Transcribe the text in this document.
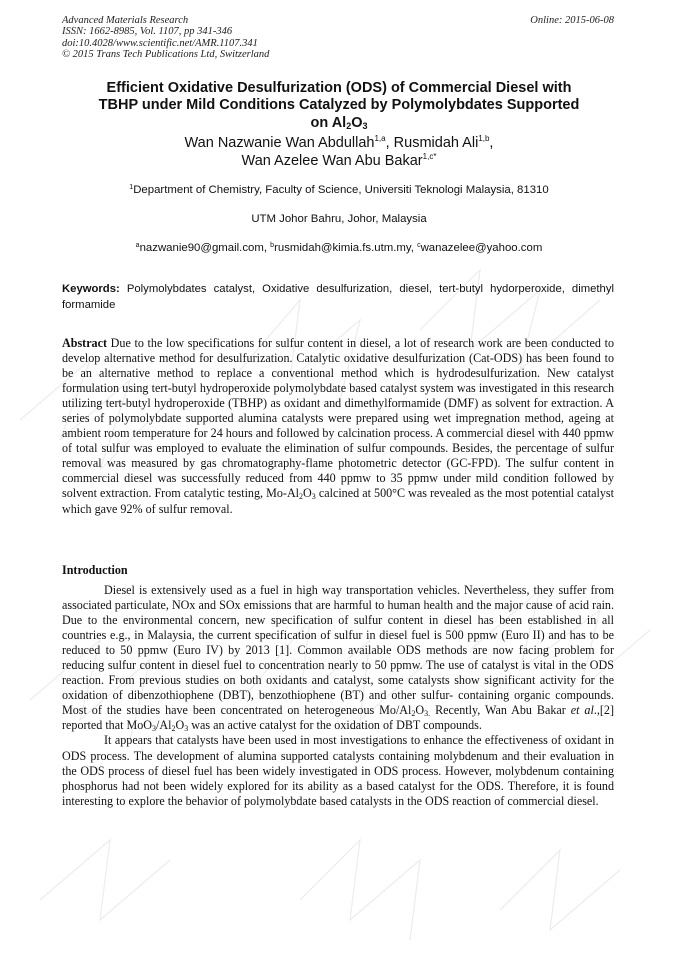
Advanced Materials Research
ISSN: 1662-8985, Vol. 1107, pp 341-346
doi:10.4028/www.scientific.net/AMR.1107.341
© 2015 Trans Tech Publications Ltd, Switzerland
Online: 2015-06-08
Efficient Oxidative Desulfurization (ODS) of Commercial Diesel with
TBHP under Mild Conditions Catalyzed by Polymolybdates Supported
on $Al_2O_3$
Wan Nazwanie Wan Abdullah$^{1,a}$, Rusmidah Ali$^{1,b}$,
Wan Azelee Wan Abu Bakar$^{1,c*}$
$^1$Department of Chemistry, Faculty of Science, Universiti Teknologi Malaysia, 81310
UTM Johor Bahru, Johor, Malaysia
$^a$nazwanie90@gmail.com, $^b$rusmidah@kimia.fs.utm.my, $^c$wanazelee@yahoo.com
Keywords: Polymolybdates catalyst, Oxidative desulfurization, diesel, tert-butyl hydorperoxide, dimethyl formamide

Abstract Due to the low specifications for sulfur content in diesel, a lot of research work are been conducted to develop alternative method for desulfurization. Catalytic oxidative desulfurization (Cat-ODS) has been found to be an alternative method to replace a conventional method which is hydrodesulfurization. New catalyst formulation using tert-butyl hydroperoxide polymolybdate based catalyst system was investigated in this research utilizing tert-butyl hydroperoxide (TBHP) as oxidant and dimethylformamide (DMF) as solvent for extraction. A series of polymolybdate supported alumina catalysts were prepared using wet impregnation method, ageing at ambient room temperature for 24 hours and followed by calcination process. A commercial diesel with 440 ppmw of total sulfur was employed to evaluate the elimination of sulfur compounds. Besides, the percentage of sulfur removal was measured by gas chromatography-flame photometric detector (GC-FPD). The sulfur content in commercial diesel was successfully reduced from 440 ppmw to 35 ppmw under mild condition followed by solvent extraction. From catalytic testing, $Mo-Al_2O_3$ calcined at 500°C was revealed as the most potential catalyst which gave 92% of sulfur removal.

Introduction

Diesel is extensively used as a fuel in high way transportation vehicles. Nevertheless, they suffer from associated particulate, NOx and SOx emissions that are harmful to human health and the major cause of acid rain. Due to the environmental concern, new specification of sulfur content in diesel has been established in all countries e.g., in Malaysia, the current specification of sulfur in diesel fuel is 500 ppmw (Euro II) and has to be reduced to 50 ppmw (Euro IV) by 2013 [1]. Common available ODS methods are now facing problem for reducing sulfur content in diesel fuel to concentration nearly to 50 ppmw. The use of catalyst is vital in the ODS reaction. From previous studies on both oxidants and catalyst, some catalysts show significant activity for the oxidation of dibenzothiophene (DBT), benzothiophene (BT) and other sulfur- containing organic compounds. Most of the studies have been concentrated on heterogeneous $Mo/Al_2O_{3.}$ Recently, Wan Abu Bakar et al.,[2] reported that $MoO_3/Al_2O_3$ was an active catalyst for the oxidation of DBT compounds.

It appears that catalysts have been used in most investigations to enhance the effectiveness of oxidant in ODS process. The development of alumina supported catalysts containing molybdenum and their evaluation in the ODS process of diesel fuel has been widely investigated in ODS process. However, molybdenum containing phosphorus had not been widely explored for its ability as a based catalyst for the ODS. Therefore, it is found interesting to explore the behavior of polymolybdate based catalysts in the ODS reaction of commercial diesel.
